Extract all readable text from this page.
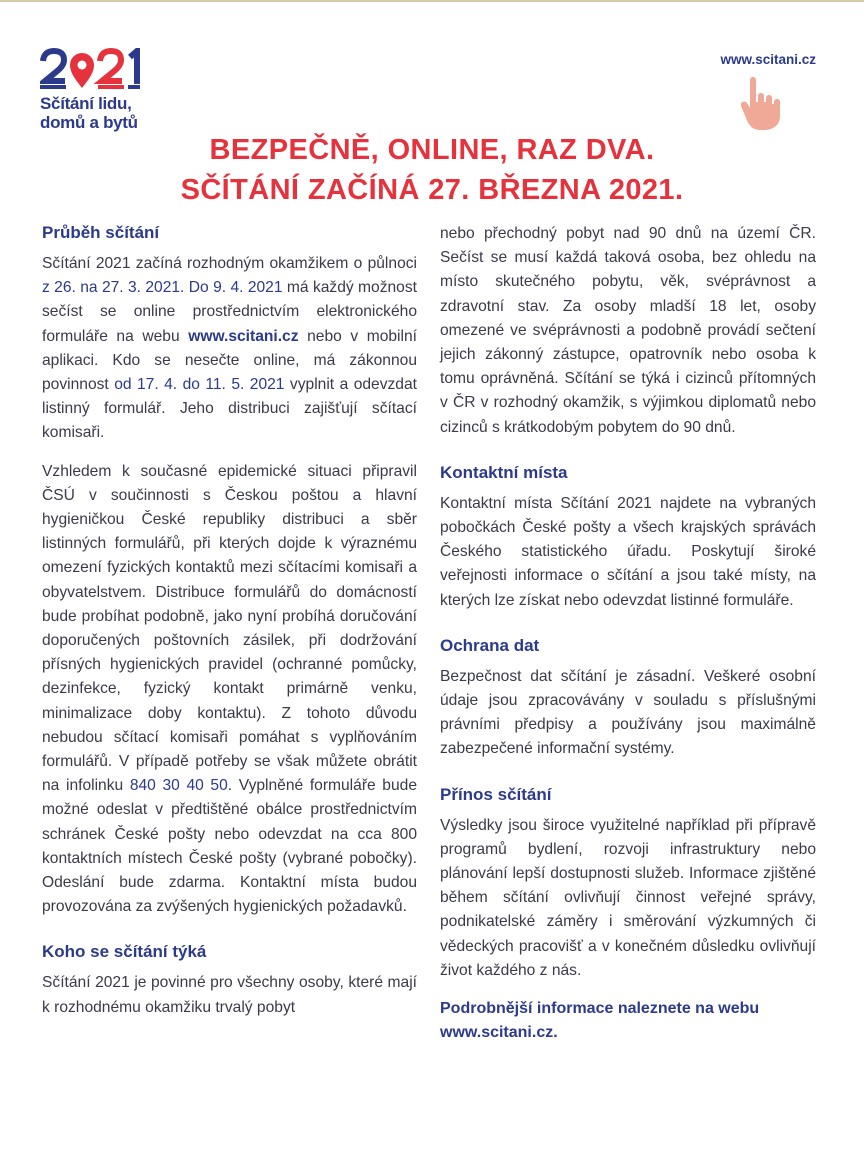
Sčítání lidu,
domů a bytů
www.scitani.cz
BEZPEČNĚ, ONLINE, RAZ DVA.
SČÍTÁNÍ ZAČÍNÁ 27. BŘEZNA 2021.
Průběh sčítání

Sčítání 2021 začíná rozhodným okamžikem o půlnoci z 26. na 27. 3. 2021. Do 9. 4. 2021 má každý možnost sečíst se online prostřednictvím elektronického formuláře na webu www.scitani.cz nebo v mobilní aplikaci. Kdo se nesečte online, má zákonnou povinnost od 17. 4. do 11. 5. 2021 vyplnit a odevzdat listinný formulář. Jeho distribuci zajišťují sčítací komisaři.

Vzhledem k současné epidemické situaci připravil ČSÚ v součinnosti s Českou poštou a hlavní hygieničkou České republiky distribuci a sběr listinných formulářů, při kterých dojde k výraznému omezení fyzických kontaktů mezi sčítacími komisaři a obyvatelstvem. Distribuce formulářů do domácností bude probíhat podobně, jako nyní probíhá doručování doporučených poštovních zásilek, při dodržování přísných hygienických pravidel (ochranné pomůcky, dezinfekce, fyzický kontakt primárně venku, minimalizace doby kontaktu). Z tohoto důvodu nebudou sčítací komisaři pomáhat s vyplňováním formulářů. V případě potřeby se však můžete obrátit na infolinku 840 30 40 50. Vyplněné formuláře bude možné odeslat v předtištěné obálce prostřednictvím schránek České pošty nebo odevzdat na cca 800 kontaktních místech České pošty (vybrané pobočky). Odeslání bude zdarma. Kontaktní místa budou provozována za zvýšených hygienických požadavků.

Koho se sčítání týká

Sčítání 2021 je povinné pro všechny osoby, které mají k rozhodnému okamžiku trvalý pobyt

nebo přechodný pobyt nad 90 dnů na území ČR. Sečíst se musí každá taková osoba, bez ohledu na místo skutečného pobytu, věk, svéprávnost a zdravotní stav. Za osoby mladší 18 let, osoby omezené ve svéprávnosti a podobně provádí sečtení jejich zákonný zástupce, opatrovník nebo osoba k tomu oprávněná. Sčítání se týká i cizinců přítomných v ČR v rozhodný okamžik, s výjimkou diplomatů nebo cizinců s krátkodobým pobytem do 90 dnů.

Kontaktní místa

Kontaktní místa Sčítání 2021 najdete na vybraných pobočkách České pošty a všech krajských správách Českého statistického úřadu. Poskytují široké veřejnosti informace o sčítání a jsou také místy, na kterých lze získat nebo odevzdat listinné formuláře.

Ochrana dat

Bezpečnost dat sčítání je zásadní. Veškeré osobní údaje jsou zpracovávány v souladu s příslušnými právními předpisy a používány jsou maximálně zabezpečené informační systémy.

Přínos sčítání

Výsledky jsou široce využitelné například při přípravě programů bydlení, rozvoji infrastruktury nebo plánování lepší dostupnosti služeb. Informace zjištěné během sčítání ovlivňují činnost veřejné správy, podnikatelské záměry i směrování výzkumných či vědeckých pracovišť a v konečném důsledku ovlivňují život každého z nás.

Podrobnější informace naleznete na webu
www.scitani.cz.
